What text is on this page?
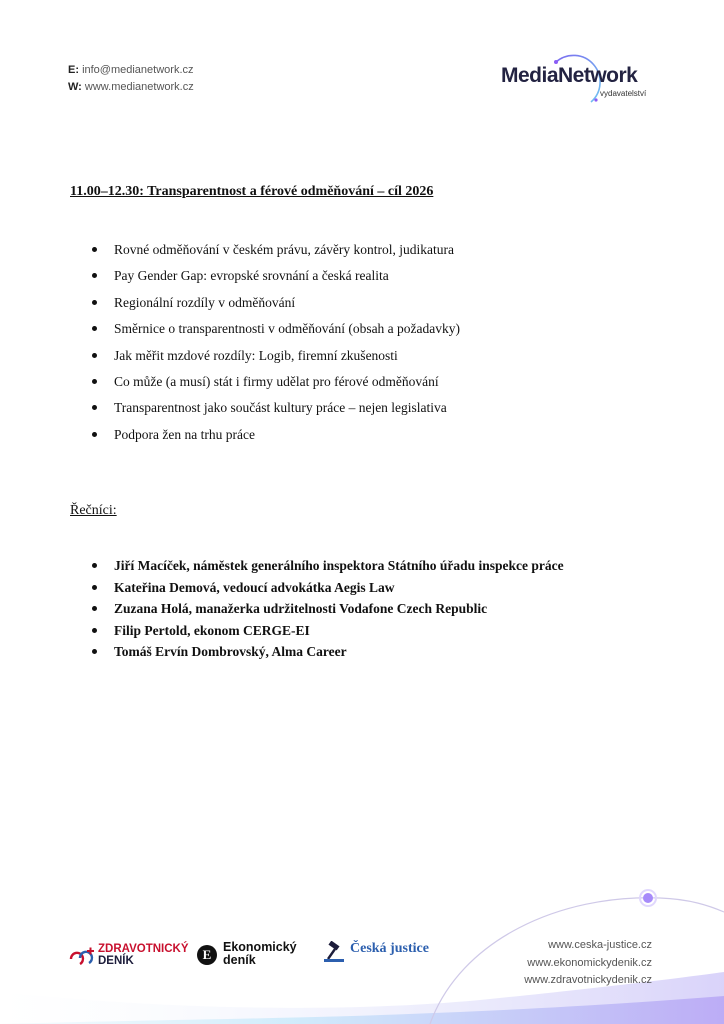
E: info@medianetwork.cz
W: www.medianetwork.cz	MediaNetwork
vydavatelství
11.00–12.30: Transparentnost a férové odměňování – cíl 2026
Rovné odměňování v českém právu, závěry kontrol, judikatura
Pay Gender Gap: evropské srovnání a česká realita
Regionální rozdíly v odměňování
Směrnice o transparentnosti v odměňování (obsah a požadavky)
Jak měřit mzdové rozdíly: Logib, firemní zkušenosti
Co může (a musí) stát i firmy udělat pro férové odměňování
Transparentnost jako součást kultury práce – nejen legislativa
Podpora žen na trhu práce
Řečníci:
Jiří Macíček, náměstek generálního inspektora Státního úřadu inspekce práce
Kateřina Demová, vedoucí advokátka Aegis Law
Zuzana Holá, manažerka udržitelnosti Vodafone Czech Republic
Filip Pertold, ekonom CERGE-EI
Tomáš Ervín Dombrovský, Alma Career
ZDRAVOTNICKÝ
DENÍK	E Ekonomický
deník
Česká justice	www.ceska-justice.cz
www.ekonomickydenik.cz
www.zdravotnickydenik.cz
